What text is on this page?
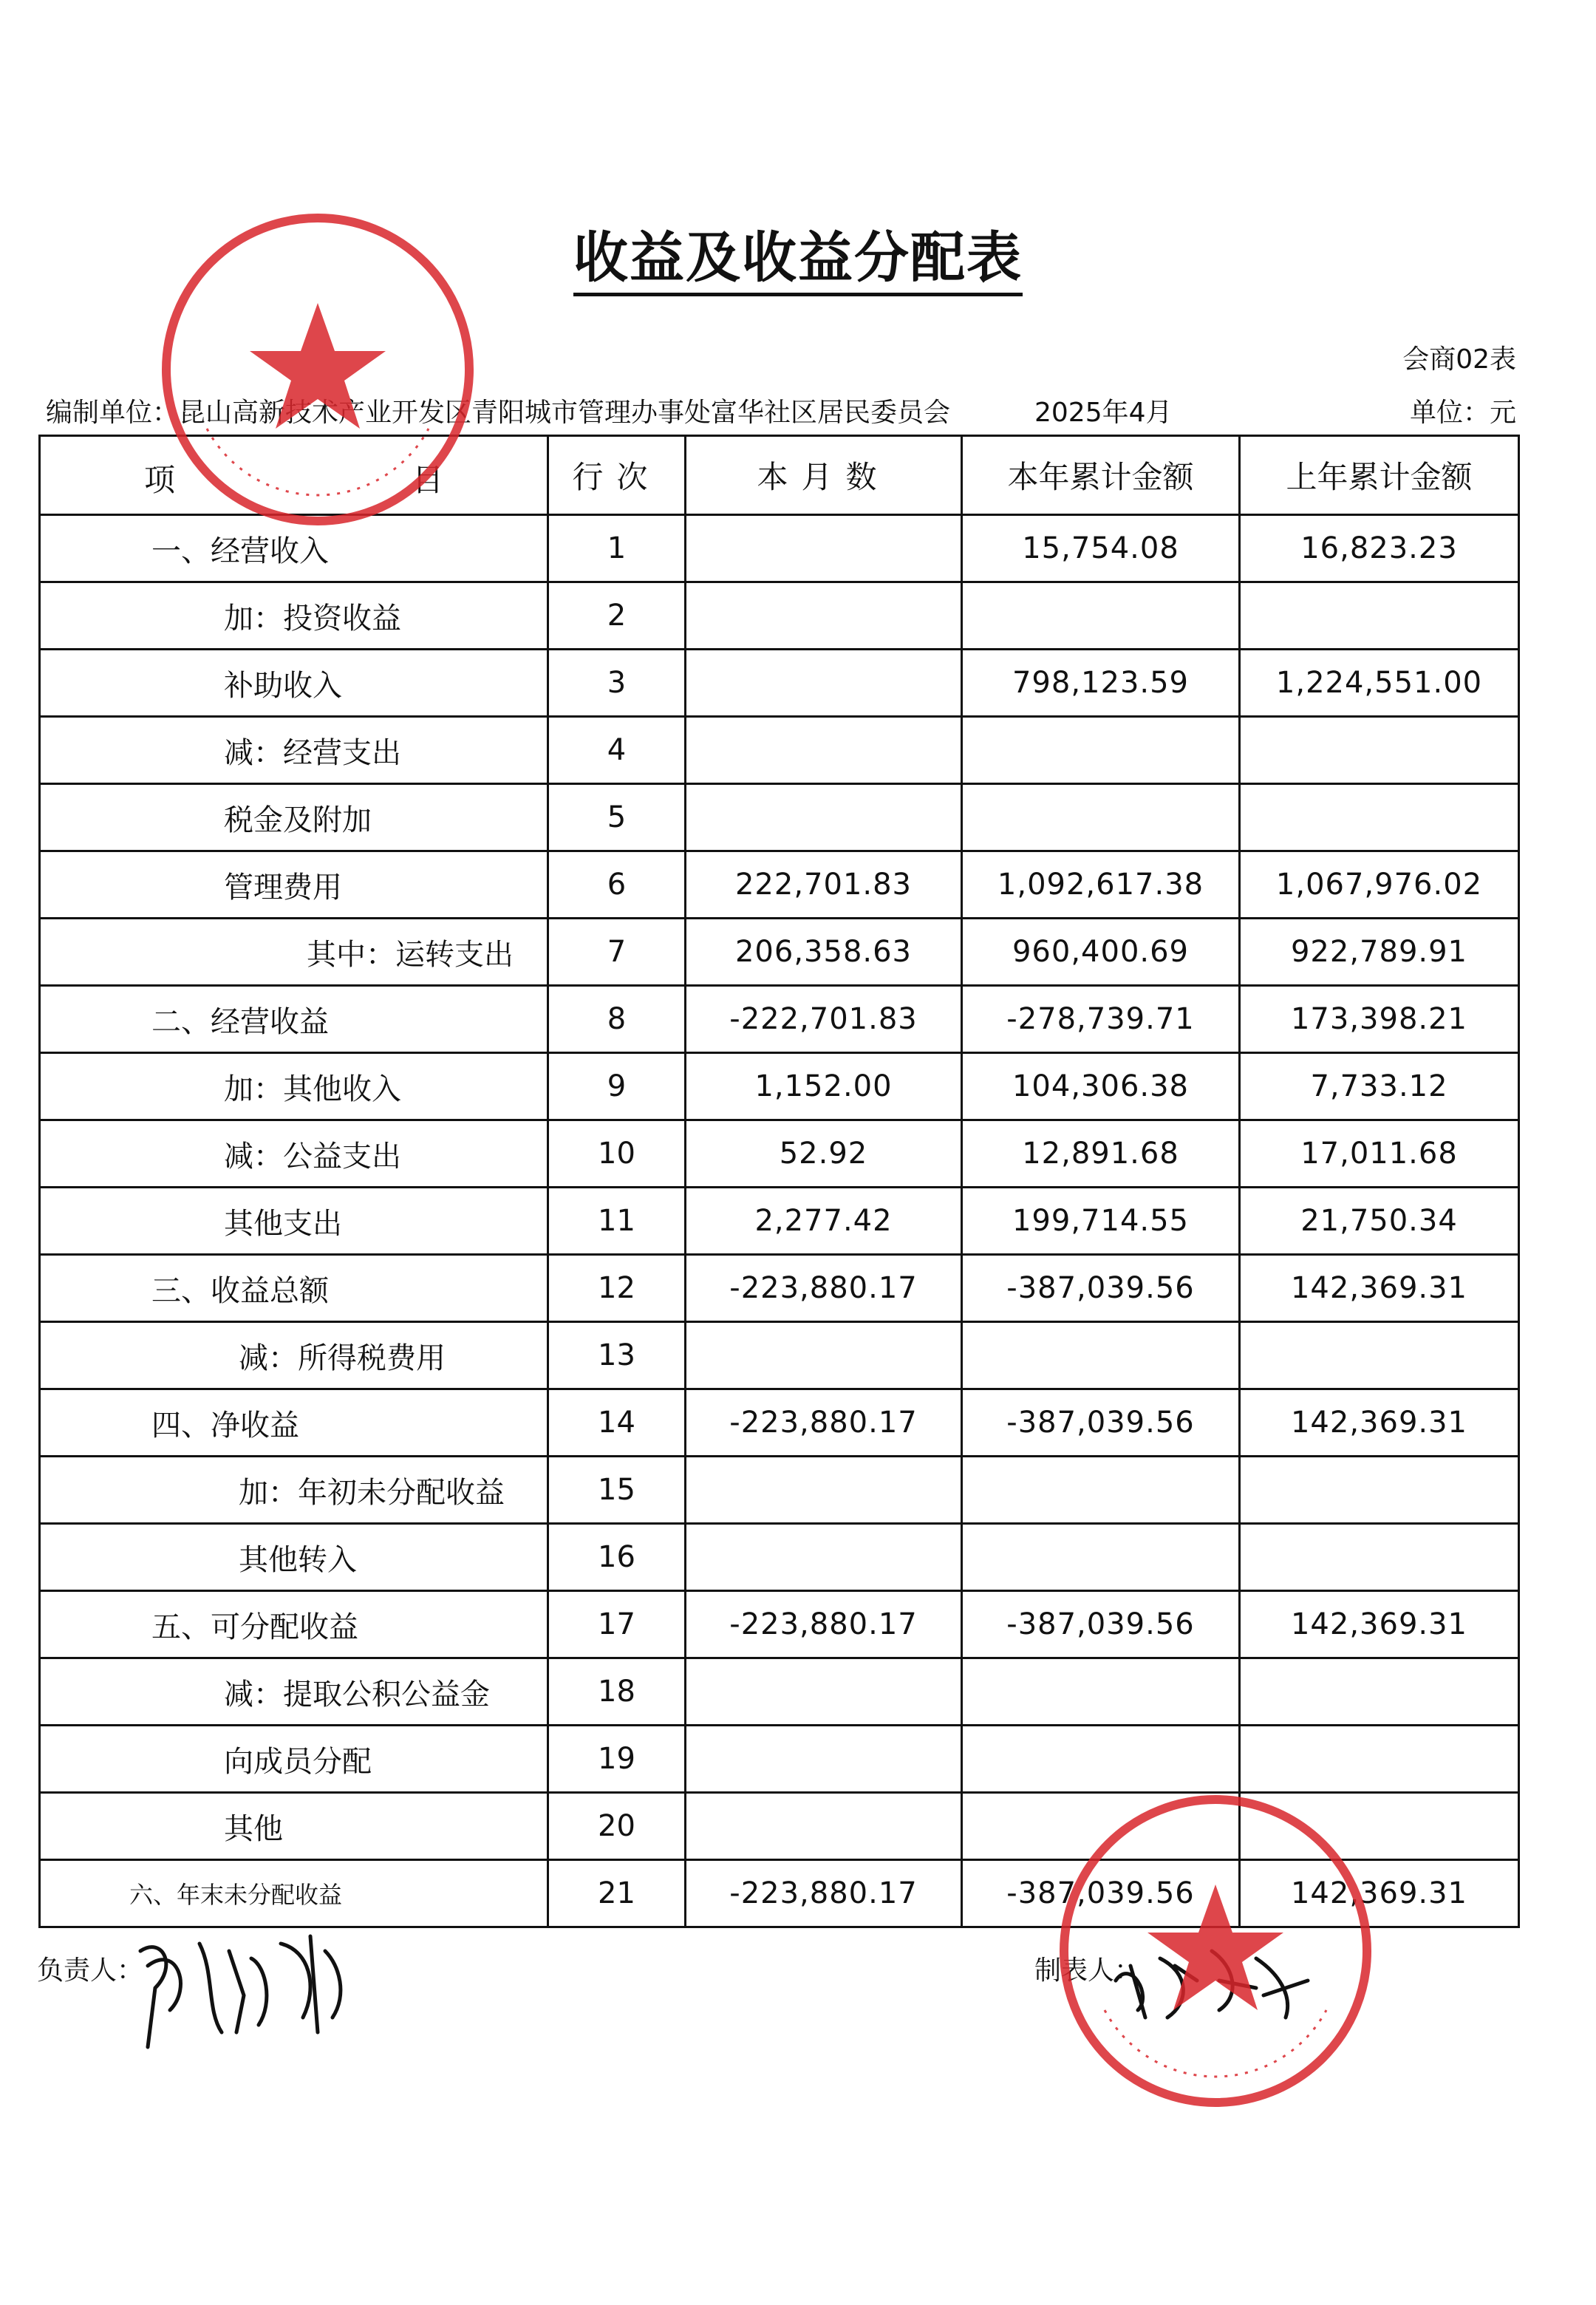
收益及收益分配表
会商02表
编制单位：昆山高新技术产业开发区青阳城市管理办事处富华社区居民委员会	2025年4月	单位：元
项 目	行次	本月数	本年累计金额	上年累计金额
一、经营收入	1		15,754.08	16,823.23
加：投资收益	2			
补助收入	3		798,123.59	1,224,551.00
减：经营支出	4			
税金及附加	5			
管理费用	6	222,701.83	1,092,617.38	1,067,976.02
其中：运转支出	7	206,358.63	960,400.69	922,789.91
二、经营收益	8	-222,701.83	-278,739.71	173,398.21
加：其他收入	9	1,152.00	104,306.38	7,733.12
减：公益支出	10	52.92	12,891.68	17,011.68
其他支出	11	2,277.42	199,714.55	21,750.34
三、收益总额	12	-223,880.17	-387,039.56	142,369.31
减：所得税费用	13			
四、净收益	14	-223,880.17	-387,039.56	142,369.31
加：年初未分配收益	15			
其他转入	16			
五、可分配收益	17	-223,880.17	-387,039.56	142,369.31
减：提取公积公益金	18			
向成员分配	19			
其他	20			
六、年末未分配收益	21	-223,880.17	-387,039.56	142,369.31
负责人：	制表人：
